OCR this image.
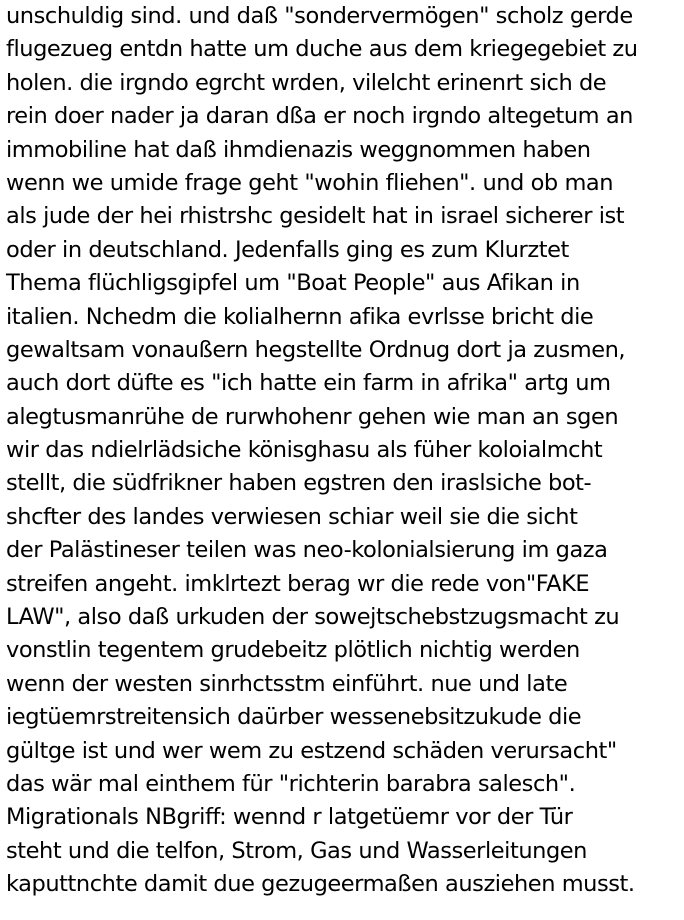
unschuldig sind. und daß "sondervermögen" scholz gerde
flugezueg entdn hatte um duche aus dem kriegegebiet zu
holen. die irgndo egrcht wrden, vilelcht erinenrt sich de
rein doer nader ja daran dßa er noch irgndo altegetum an
immobiline hat daß ihmdienazis weggnommen haben
wenn we umide frage geht "wohin fliehen". und ob man
als jude der hei rhistrshc gesidelt hat in israel sicherer ist
oder in deutschland. Jedenfalls ging es zum Klurztet
Thema flüchligsgipfel um "Boat People" aus Afikan in
italien. Nchedm die kolialhernn afika evrlsse bricht die
gewaltsam vonaußern hegstellte Ordnug dort ja zusmen,
auch dort düfte es "ich hatte ein farm in afrika" artg um
alegtusmanrühe de rurwhohenr gehen wie man an sgen
wir das ndielrlädsiche könisghasu als füher koloialmcht
stellt, die südfrikner haben egstren den iraslsiche bot-
shcfter des landes verwiesen schiar weil sie die sicht
der Palästineser teilen was neo-kolonialsierung im gaza
streifen angeht. imklrtezt berag wr die rede von"FAKE
LAW", also daß urkuden der sowejtschebstzugsmacht zu
vonstlin tegentem grudebeitz plötlich nichtig werden
wenn der westen sinrhctsstm einführt. nue und late
iegtüemrstreitensich daürber wessenebsitzukude die
gültge ist und wer wem zu estzend schäden verursacht"
das wär mal einthem für "richterin barabra salesch".
Migrationals NBgriff: wennd r latgetüemr vor der Tür
steht und die telfon, Strom, Gas und Wasserleitungen
kaputtnchte damit due gezugeermaßen ausziehen musst.
